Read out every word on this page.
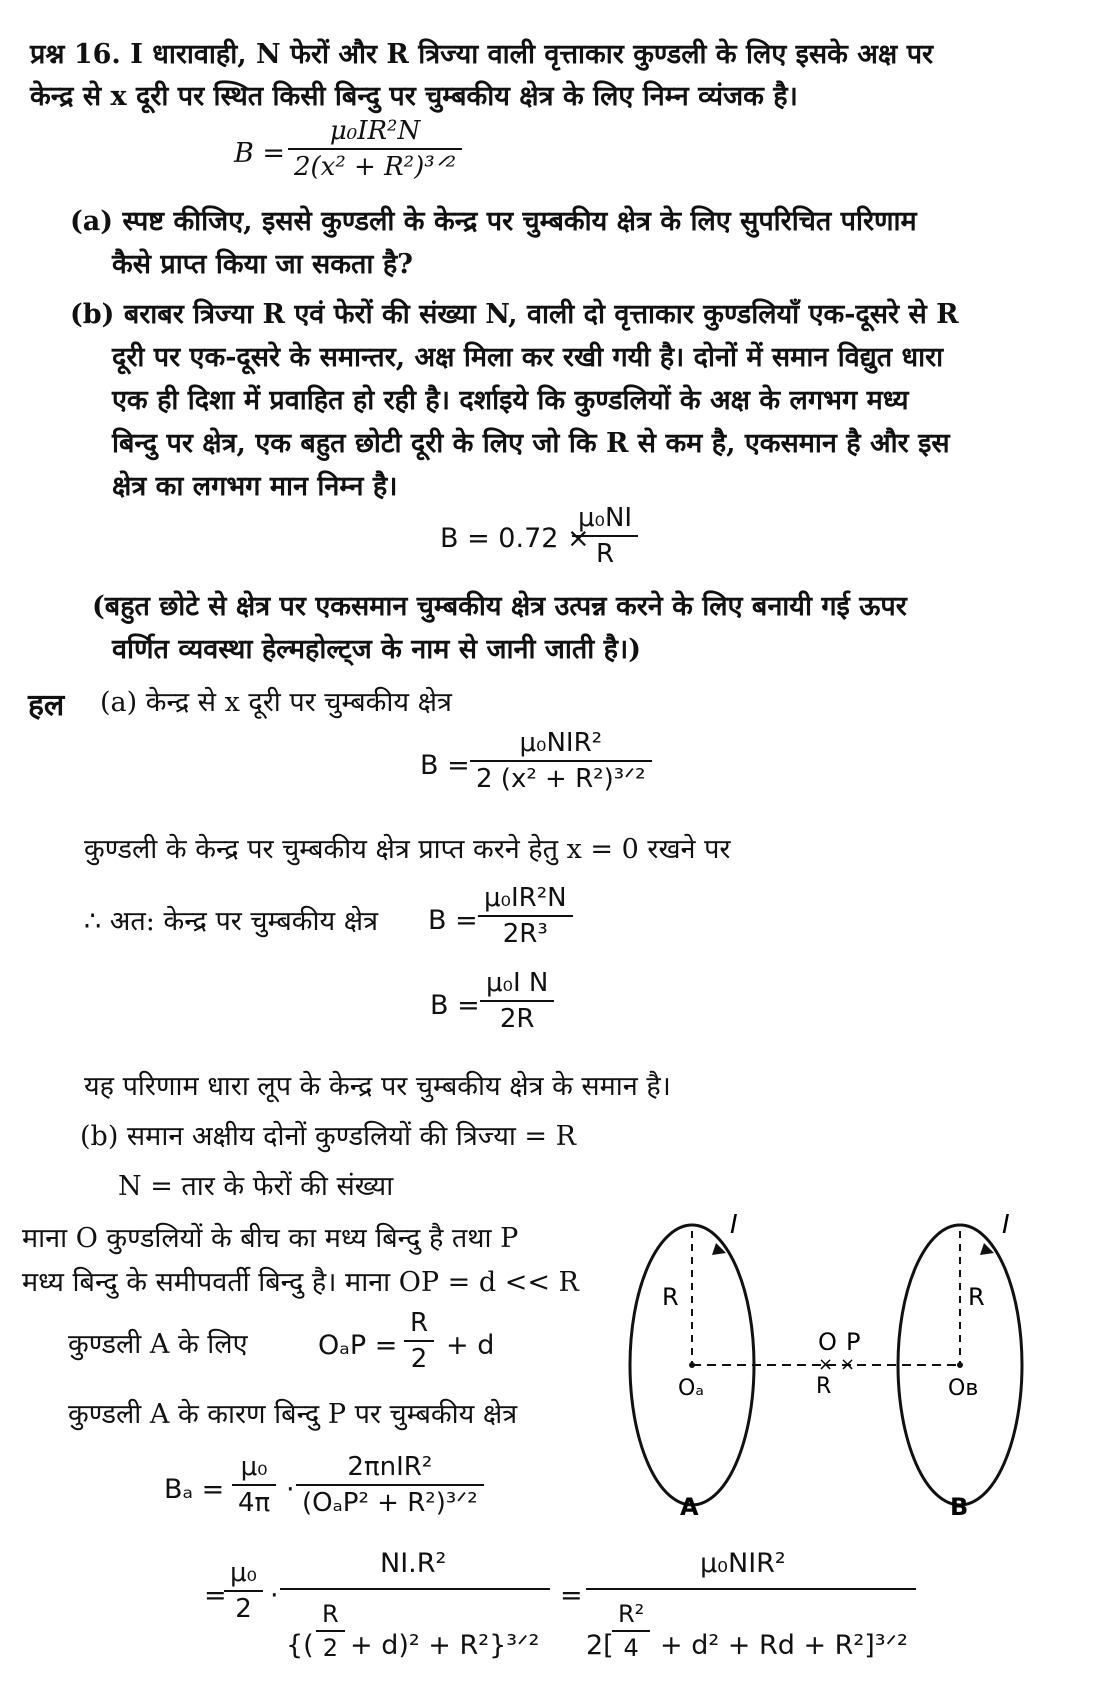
प्रश्न 16. I धारावाही, N फेरों और R त्रिज्या वाली वृत्ताकार कुण्डली के लिए इसके अक्ष पर
केन्द्र से x दूरी पर स्थित किसी बिन्दु पर चुम्बकीय क्षेत्र के लिए निम्न व्यंजक है।
B =
μ₀IR²N
2(x² + R²)³ᐟ²
(a) स्पष्ट कीजिए, इससे कुण्डली के केन्द्र पर चुम्बकीय क्षेत्र के लिए सुपरिचित परिणाम
कैसे प्राप्त किया जा सकता है?
(b) बराबर त्रिज्या R एवं फेरों की संख्या N, वाली दो वृत्ताकार कुण्डलियाँ एक-दूसरे से R
दूरी पर एक-दूसरे के समान्तर, अक्ष मिला कर रखी गयी है। दोनों में समान विद्युत धारा
एक ही दिशा में प्रवाहित हो रही है। दर्शाइये कि कुण्डलियों के अक्ष के लगभग मध्य
बिन्दु पर क्षेत्र, एक बहुत छोटी दूरी के लिए जो कि R से कम है, एकसमान है और इस
क्षेत्र का लगभग मान निम्न है।
B = 0.72 ×
$\frac{\text{μ₀NI}}{R}$
(बहुत छोटे से क्षेत्र पर एकसमान चुम्बकीय क्षेत्र उत्पन्न करने के लिए बनायी गई ऊपर
वर्णित व्यवस्था हेल्महोल्ट्ज के नाम से जानी जाती है।)
हल (a) केन्द्र से x दूरी पर चुम्बकीय क्षेत्र
B =
μ₀NIR²
2 (x² + R²)³ᐟ²
कुण्डली के केन्द्र पर चुम्बकीय क्षेत्र प्राप्त करने हेतु x = 0 रखने पर
∴ अत: केन्द्र पर चुम्बकीय क्षेत्र $B = \frac{\text{μ₀IR²N}}{\text{2R³}}$
$B = \frac{\text{μ₀I N}}{2R}$
यह परिणाम धारा लूप के केन्द्र पर चुम्बकीय क्षेत्र के समान है।
(b) समान अक्षीय दोनों कुण्डलियों की त्रिज्या = R
N = तार के फेरों की संख्या
माना O कुण्डलियों के बीच का मध्य बिन्दु है तथा P
मध्य बिन्दु के समीपवर्ती बिन्दु है। माना OP = d << R
कुण्डली A के लिए	$O_aP = \frac{R}{2} + d$
कुण्डली A के कारण बिन्दु P पर चुम्बकीय क्षेत्र
$B_a = \frac{\text{μ₀}}{4\pi}$ ·
2πnIR²
(OₐP² + R²)³ᐟ²
=
$\frac{\text{μ₀}}{2}$ ·
NI.R²
{( $\frac{R}{2} + d)^2$ + R²}³ᐟ²
=
μ₀NIR²
2[
$\frac{\text{R²}}{4} + d^2 + Rd$ + R²]³ᐟ²
× ×
I	I
R	R
O P
Oₐ	R	Oв
A	B
